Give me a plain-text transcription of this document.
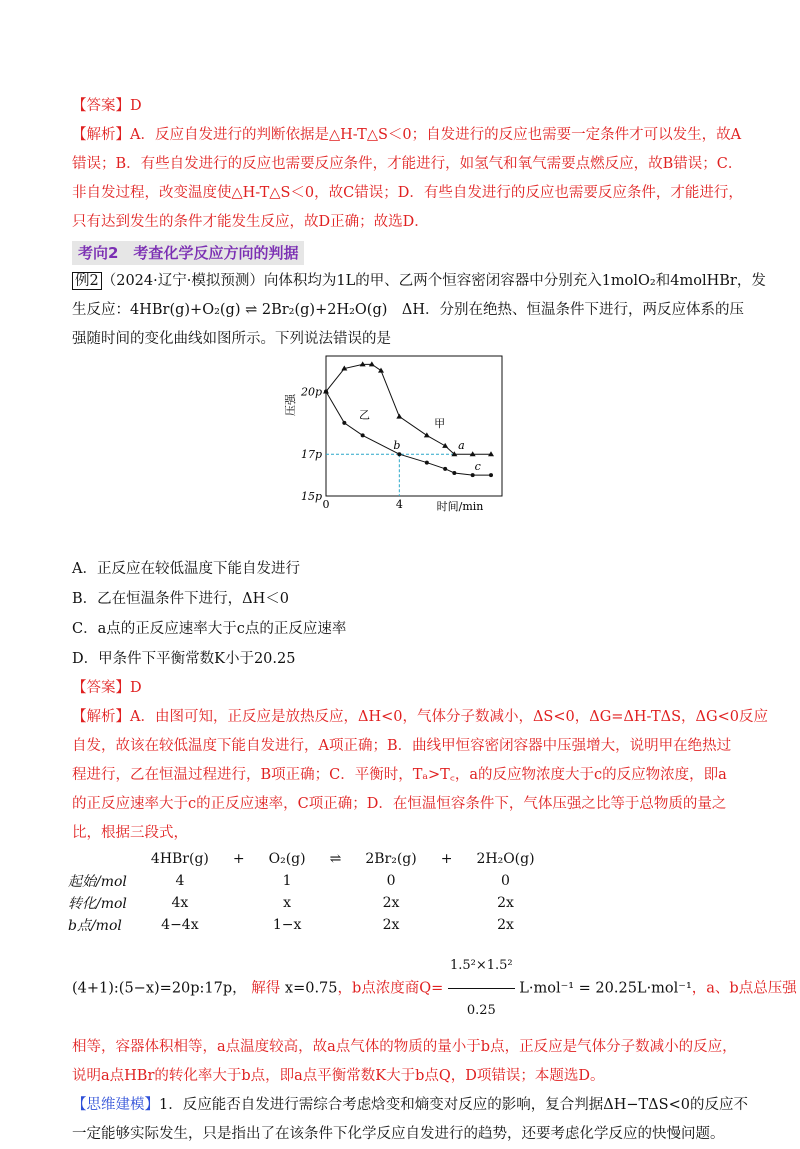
【答案】D
【解析】A．反应自发进行的判断依据是△H-T△S＜0；自发进行的反应也需要一定条件才可以发生，故A
错误；B．有些自发进行的反应也需要反应条件，才能进行，如氢气和氧气需要点燃反应，故B错误；C．
非自发过程，改变温度使△H-T△S＜0，故C错误；D．有些自发进行的反应也需要反应条件，才能进行，
只有达到发生的条件才能发生反应，故D正确；故选D．
考向2　考查化学反应方向的判据
例2 （2024·辽宁·模拟预测）向体积均为1L的甲、乙两个恒容密闭容器中分别充入1molO₂和4molHBr，发
生反应：4HBr(g)+O₂(g) ⇌ 2Br₂(g)+2H₂O(g)　ΔH．分别在绝热、恒温条件下进行，两反应体系的压
强随时间的变化曲线如图所示。下列说法错误的是
A．正反应在较低温度下能自发进行
B．乙在恒温条件下进行，ΔH＜0
C．a点的正反应速率大于c点的正反应速率
D．甲条件下平衡常数K小于20.25
【答案】D
【解析】A．由图可知，正反应是放热反应，ΔH<0，气体分子数减小，ΔS<0，ΔG=ΔH-TΔS，ΔG<0反应
自发，故该在较低温度下能自发进行，A项正确；B．曲线甲恒容密闭容器中压强增大，说明甲在绝热过
程进行，乙在恒温过程进行，B项正确；C．平衡时，Tₐ>T꜀，a的反应物浓度大于c的反应物浓度，即a
的正反应速率大于c的正反应速率，C项正确；D．在恒温恒容条件下，气体压强之比等于总物质的量之
比，根据三段式，
	4HBr(g)	+	O₂(g)	⇌	2Br₂(g)	+	2H₂O(g)
起始/mol	4		1		0		0
转化/mol	4x		x		2x		2x
b点/mol	4−4x		1−x		2x		2x
(4+1):(5−x)=20p:17p， 解得 x=0.75，b点浓度商$Q= \frac{\text{1.5²×1.5²}}{0.25} L\cdot mol^{-1} = 20.25L\cdot mol^{-1}$，a、b点总压强
相等，容器体积相等，a点温度较高，故a点气体的物质的量小于b点，正反应是气体分子数减小的反应，
说明a点HBr的转化率大于b点，即a点平衡常数K大于b点Q，D项错误；本题选D。
【思维建模】1．反应能否自发进行需综合考虑焓变和熵变对反应的影响，复合判据ΔH−TΔS<0的反应不
一定能够实际发生，只是指出了在该条件下化学反应自发进行的趋势，还要考虑化学反应的快慢问题。
压强
时间/min
20p
17p
15p
0	4
甲
乙
a
b
c
